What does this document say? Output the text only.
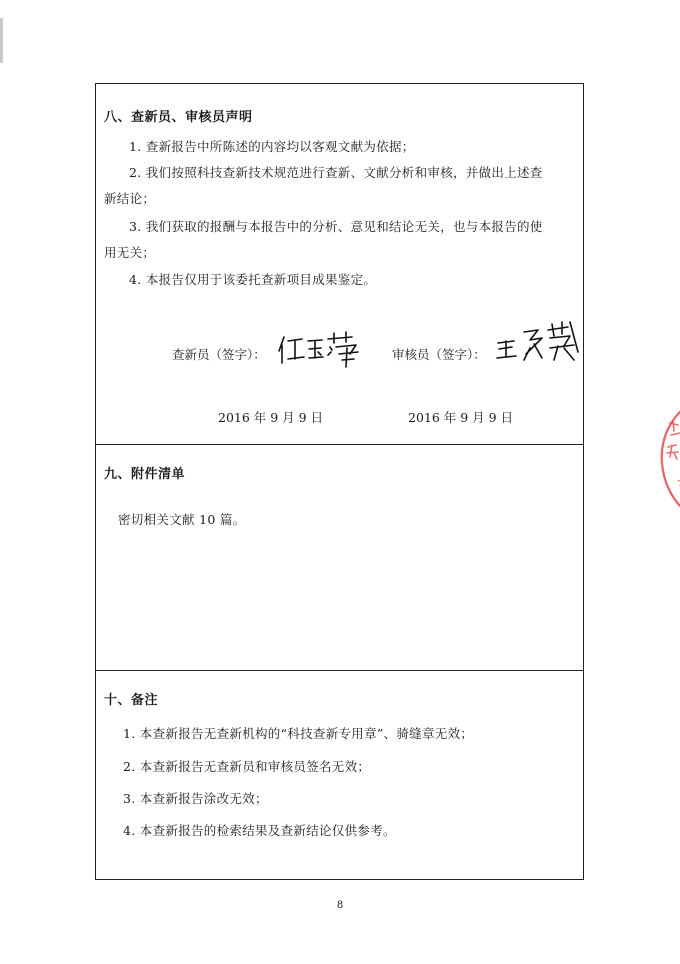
八、查新员、审核员声明
1. 查新报告中所陈述的内容均以客观文献为依据；
2. 我们按照科技查新技术规范进行查新、文献分析和审核，并做出上述查
新结论；
3. 我们获取的报酬与本报告中的分析、意见和结论无关，也与本报告的使
用无关；
4. 本报告仅用于该委托查新项目成果鉴定。
查新员（签字）：	审核员（签字）：
2016 年 9 月 9 日	2016 年 9 月 9 日
九、附件清单
密切相关文献 10 篇。
十、备注
1. 本查新报告无查新机构的“科技查新专用章”、骑缝章无效；
2. 本查新报告无查新员和审核员签名无效；
3. 本查新报告涂改无效；
4. 本查新报告的检索结果及查新结论仅供参考。
8
